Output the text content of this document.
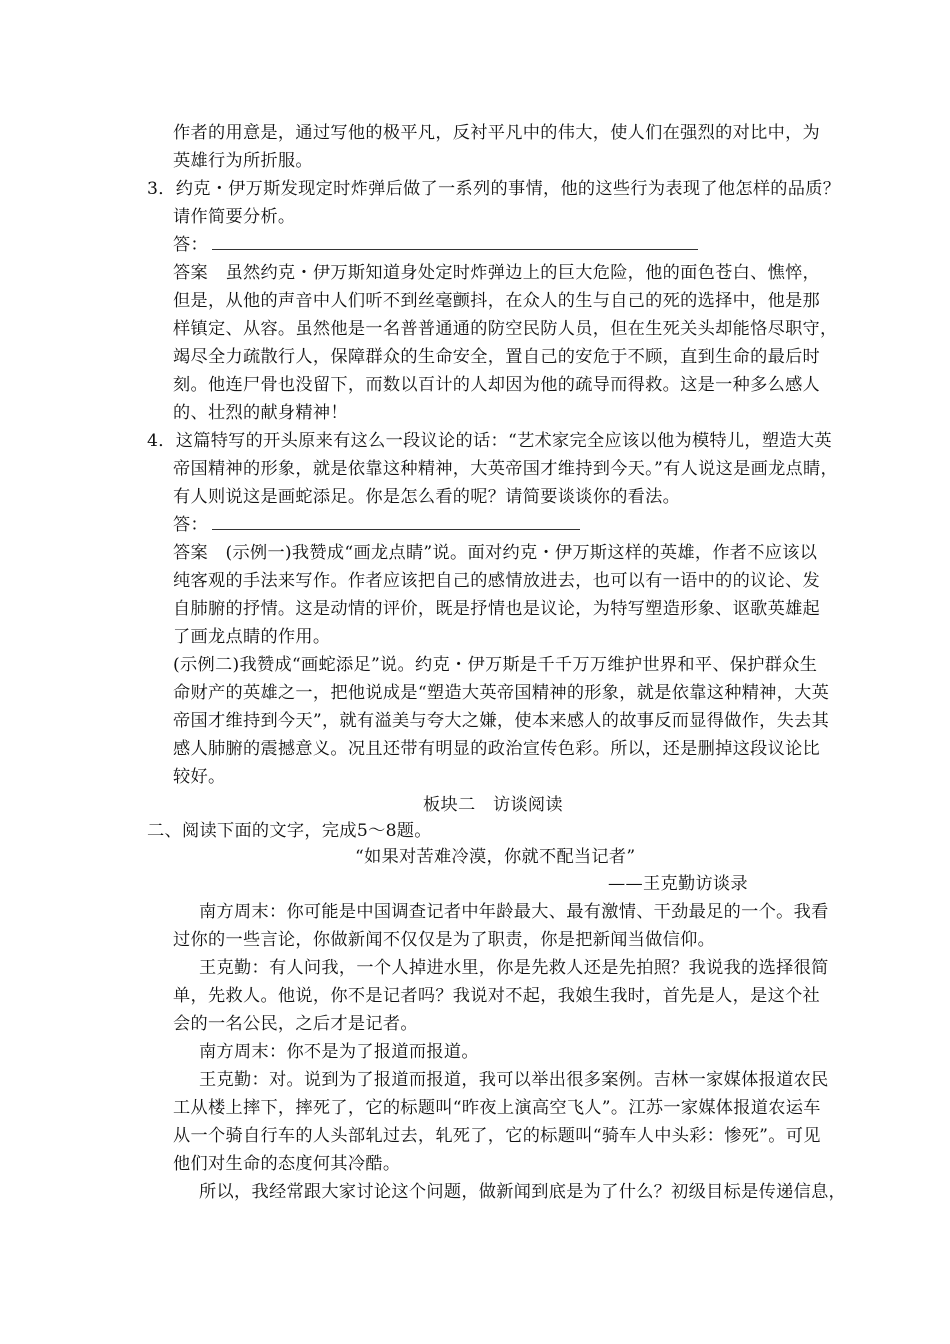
作者的用意是，通过写他的极平凡，反衬平凡中的伟大，使人们在强烈的对比中，为
英雄行为所折服。
3．约克・伊万斯发现定时炸弹后做了一系列的事情，他的这些行为表现了他怎样的品质？
请作简要分析。
答：
答案　虽然约克・伊万斯知道身处定时炸弹边上的巨大危险，他的面色苍白、憔悴，
但是，从他的声音中人们听不到丝毫颤抖，在众人的生与自己的死的选择中，他是那
样镇定、从容。虽然他是一名普普通通的防空民防人员，但在生死关头却能恪尽职守，
竭尽全力疏散行人，保障群众的生命安全，置自己的安危于不顾，直到生命的最后时
刻。他连尸骨也没留下，而数以百计的人却因为他的疏导而得救。这是一种多么感人
的、壮烈的献身精神！
4．这篇特写的开头原来有这么一段议论的话：“艺术家完全应该以他为模特儿，塑造大英
帝国精神的形象，就是依靠这种精神，大英帝国才维持到今天。”有人说这是画龙点睛，
有人则说这是画蛇添足。你是怎么看的呢？请简要谈谈你的看法。
答：
答案　(示例一)我赞成“画龙点睛”说。面对约克・伊万斯这样的英雄，作者不应该以
纯客观的手法来写作。作者应该把自己的感情放进去，也可以有一语中的的议论、发
自肺腑的抒情。这是动情的评价，既是抒情也是议论，为特写塑造形象、讴歌英雄起
了画龙点睛的作用。
(示例二)我赞成“画蛇添足”说。约克・伊万斯是千千万万维护世界和平、保护群众生
命财产的英雄之一，把他说成是“塑造大英帝国精神的形象，就是依靠这种精神，大英
帝国才维持到今天”，就有溢美与夸大之嫌，使本来感人的故事反而显得做作，失去其
感人肺腑的震撼意义。况且还带有明显的政治宣传色彩。所以，还是删掉这段议论比
较好。
板块二　访谈阅读
二、阅读下面的文字，完成5～8题。
“如果对苦难冷漠，你就不配当记者”
——王克勤访谈录
南方周末：你可能是中国调查记者中年龄最大、最有激情、干劲最足的一个。我看
过你的一些言论，你做新闻不仅仅是为了职责，你是把新闻当做信仰。
王克勤：有人问我，一个人掉进水里，你是先救人还是先拍照？我说我的选择很简
单，先救人。他说，你不是记者吗？我说对不起，我娘生我时，首先是人，是这个社
会的一名公民，之后才是记者。
南方周末：你不是为了报道而报道。
王克勤：对。说到为了报道而报道，我可以举出很多案例。吉林一家媒体报道农民
工从楼上摔下，摔死了，它的标题叫“昨夜上演高空飞人”。江苏一家媒体报道农运车
从一个骑自行车的人头部轧过去，轧死了，它的标题叫“骑车人中头彩：惨死”。可见
他们对生命的态度何其冷酷。
所以，我经常跟大家讨论这个问题，做新闻到底是为了什么？初级目标是传递信息，
